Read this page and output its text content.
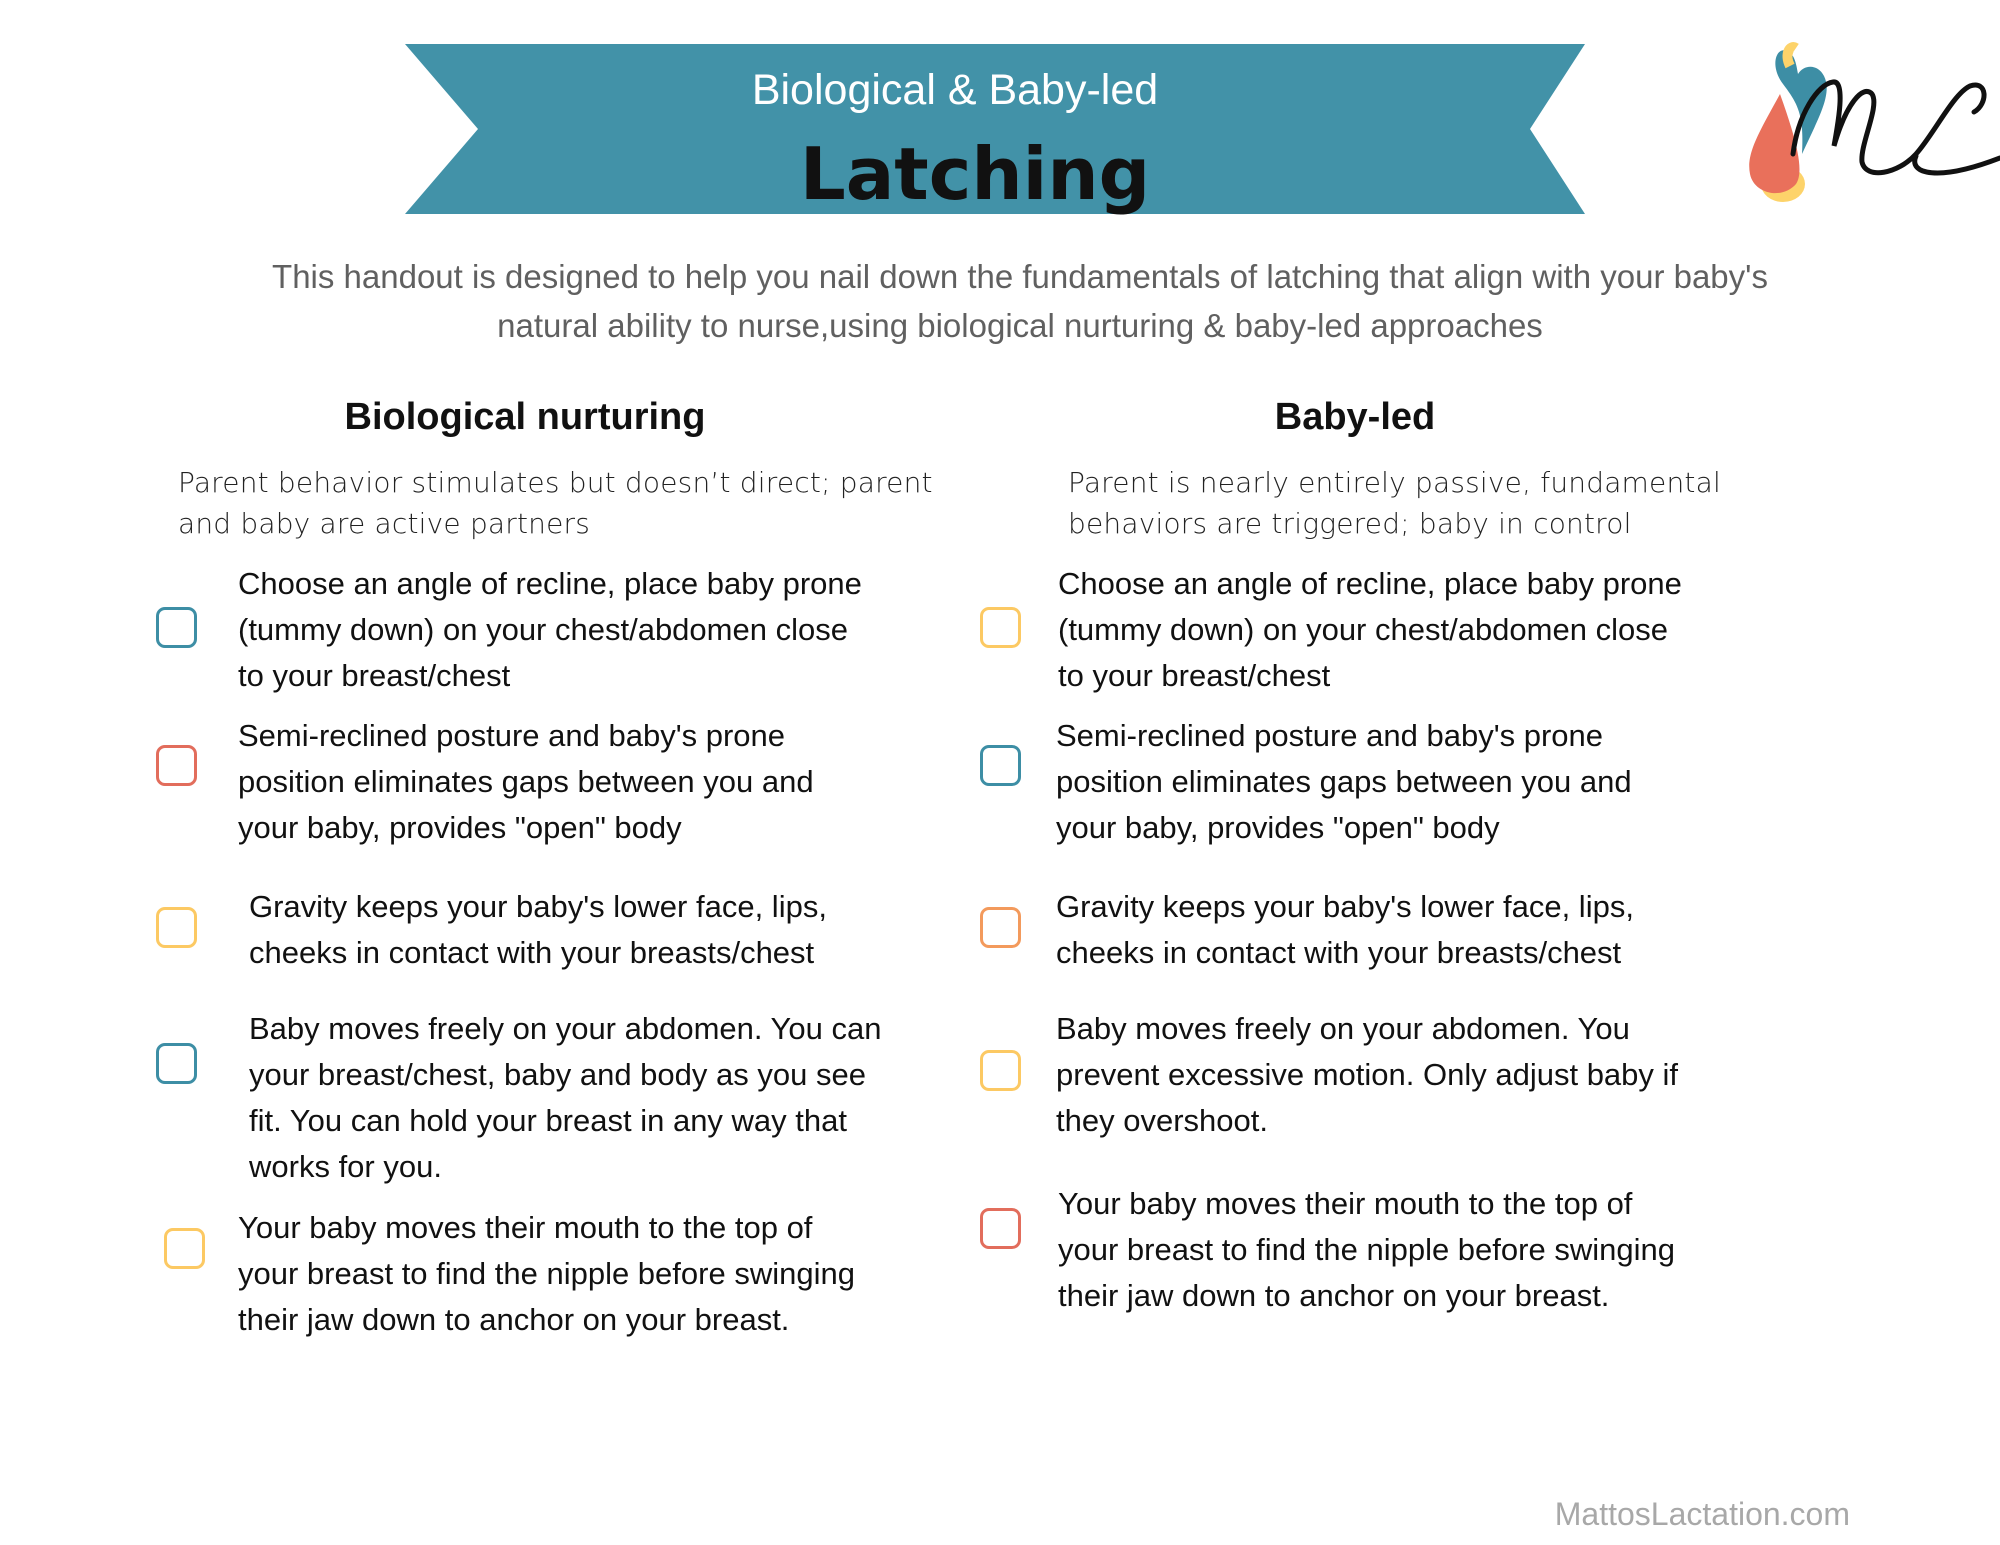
Biological & Baby-led
Latching
This handout is designed to help you nail down the fundamentals of latching that align with your baby's
natural ability to nurse,using biological nurturing & baby-led approaches
Biological nurturing
Parent behavior stimulates but doesn’t direct; parent
and baby are active partners
Choose an angle of recline, place baby prone
(tummy down) on your chest/abdomen close
to your breast/chest
Semi-reclined posture and baby's prone
position eliminates gaps between you and
your baby, provides "open" body
Gravity keeps your baby's lower face, lips,
cheeks in contact with your breasts/chest
Baby moves freely on your abdomen. You can
your breast/chest, baby and body as you see
fit. You can hold your breast in any way that
works for you.
Your baby moves their mouth to the top of
your breast to find the nipple before swinging
their jaw down to anchor on your breast.
Baby-led
Parent is nearly entirely passive, fundamental
behaviors are triggered; baby in control
Choose an angle of recline, place baby prone
(tummy down) on your chest/abdomen close
to your breast/chest
Semi-reclined posture and baby's prone
position eliminates gaps between you and
your baby, provides "open" body
Gravity keeps your baby's lower face, lips,
cheeks in contact with your breasts/chest
Baby moves freely on your abdomen. You
prevent excessive motion. Only adjust baby if
they overshoot.
Your baby moves their mouth to the top of
your breast to find the nipple before swinging
their jaw down to anchor on your breast.
MattosLactation.com
